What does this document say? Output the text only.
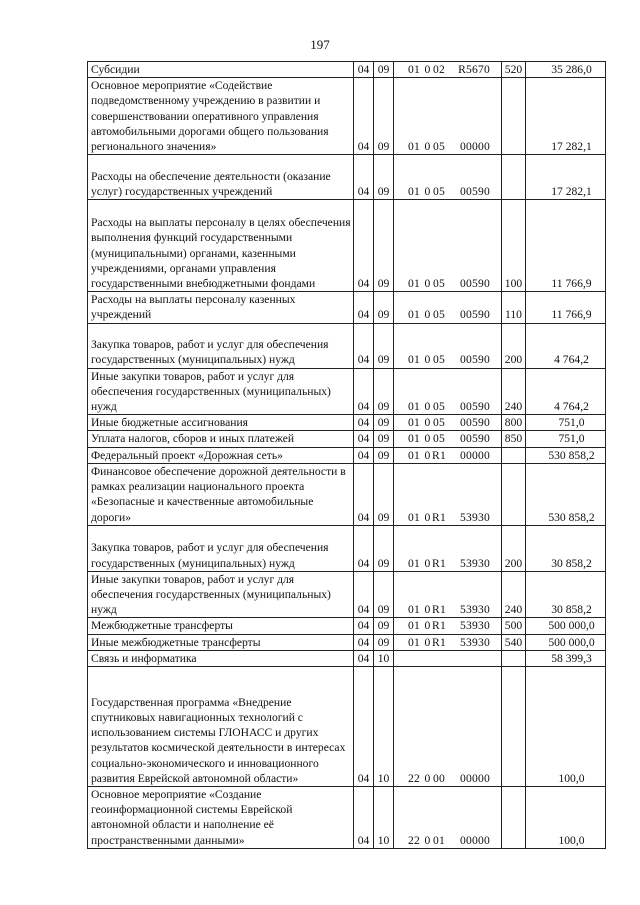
197
Субсидии	04	09	01 0 02 R5670	520	35 286,0
Основное мероприятие «Содействие подведомственному учреждению в развитии и совершенствовании оперативного управления автомобильными дорогами общего пользования регионального значения»	04	09	01 0 05 00000		17 282,1
Расходы на обеспечение деятельности (оказание услуг) государственных учреждений	04	09	01 0 05 00590		17 282,1
Расходы на выплаты персоналу в целях обеспечения выполнения функций государственными (муниципальными) органами, казенными учреждениями, органами управления государственными внебюджетными фондами	04	09	01 0 05 00590	100	11 766,9
Расходы на выплаты персоналу казенных учреждений	04	09	01 0 05 00590	110	11 766,9
Закупка товаров, работ и услуг для обеспечения государственных (муниципальных) нужд	04	09	01 0 05 00590	200	4 764,2
Иные закупки товаров, работ и услуг для обеспечения государственных (муниципальных) нужд	04	09	01 0 05 00590	240	4 764,2
Иные бюджетные ассигнования	04	09	01 0 05 00590	800	751,0
Уплата налогов, сборов и иных платежей	04	09	01 0 05 00590	850	751,0
Федеральный проект «Дорожная сеть»	04	09	01 0 R1 00000		530 858,2
Финансовое обеспечение дорожной деятельности в рамках реализации национального проекта «Безопасные и качественные автомобильные дороги»	04	09	01 0 R1 53930		530 858,2
Закупка товаров, работ и услуг для обеспечения государственных (муниципальных) нужд	04	09	01 0 R1 53930	200	30 858,2
Иные закупки товаров, работ и услуг для обеспечения государственных (муниципальных) нужд	04	09	01 0 R1 53930	240	30 858,2
Межбюджетные трансферты	04	09	01 0 R1 53930	500	500 000,0
Иные межбюджетные трансферты	04	09	01 0 R1 53930	540	500 000,0
Связь и информатика	04	10			58 399,3
Государственная программа «Внедрение спутниковых навигационных технологий с использованием системы ГЛОНАСС и других результатов космической деятельности в интересах социально-экономического и инновационного развития Еврейской автономной области»	04	10	22 0 00 00000		100,0
Основное мероприятие «Создание геоинформационной системы Еврейской автономной области и наполнение её пространственными данными»	04	10	22 0 01 00000		100,0
